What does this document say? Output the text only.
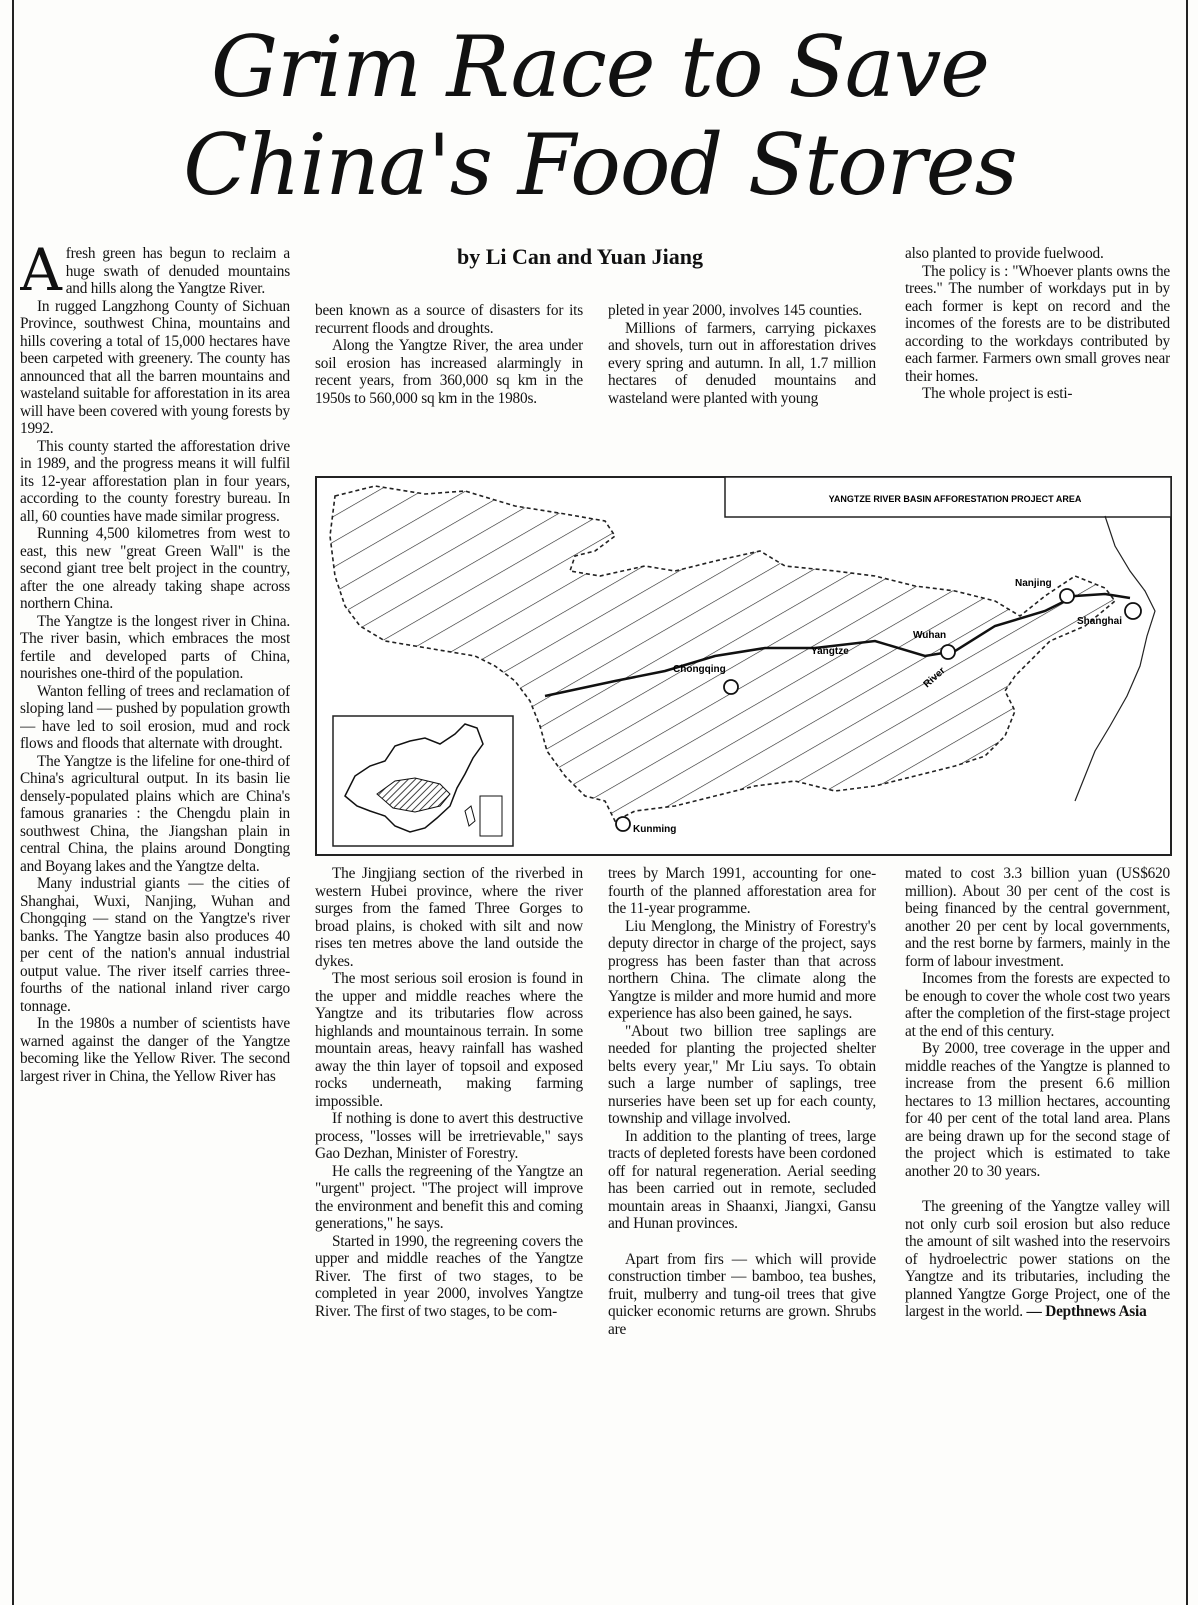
Grim Race to Save
China's Food Stores
by Li Can and Yuan Jiang

Afresh green has begun to reclaim a huge swath of denuded mountains and hills along the Yangtze River.

In rugged Langzhong County of Sichuan Province, southwest China, mountains and hills covering a total of 15,000 hectares have been carpeted with greenery. The county has announced that all the barren mountains and wasteland suitable for afforestation in its area will have been covered with young forests by 1992.

This county started the afforestation drive in 1989, and the progress means it will fulfil its 12-year afforestation plan in four years, according to the county forestry bureau. In all, 60 counties have made similar progress.

Running 4,500 kilometres from west to east, this new "great Green Wall" is the second giant tree belt project in the country, after the one already taking shape across northern China.

The Yangtze is the longest river in China. The river basin, which embraces the most fertile and developed parts of China, nourishes one-third of the population.

Wanton felling of trees and reclamation of sloping land — pushed by population growth — have led to soil erosion, mud and rock flows and floods that alternate with drought.

The Yangtze is the lifeline for one-third of China's agricultural output. In its basin lie densely-populated plains which are China's famous granaries : the Chengdu plain in southwest China, the Jiangshan plain in central China, the plains around Dongting and Boyang lakes and the Yangtze delta.

Many industrial giants — the cities of Shanghai, Wuxi, Nanjing, Wuhan and Chongqing — stand on the Yangtze's river banks. The Yangtze basin also produces 40 per cent of the nation's annual industrial output value. The river itself carries three-fourths of the national inland river cargo tonnage.

In the 1980s a number of scientists have warned against the danger of the Yangtze becoming like the Yellow River. The second largest river in China, the Yellow River has

been known as a source of disasters for its recurrent floods and droughts.

Along the Yangtze River, the area under soil erosion has increased alarmingly in recent years, from 360,000 sq km in the 1950s to 560,000 sq km in the 1980s.

pleted in year 2000, involves 145 counties.

Millions of farmers, carrying pickaxes and shovels, turn out in afforestation drives every spring and autumn. In all, 1.7 million hectares of denuded mountains and wasteland were planted with young

also planted to provide fuelwood.

The policy is : "Whoever plants owns the trees." The number of workdays put in by each former is kept on record and the incomes of the forests are to be distributed according to the workdays contributed by each farmer. Farmers own small groves near their homes.

The whole project is esti-

YANGTZE RIVER BASIN AFFORESTATION PROJECT AREA
Nanjing
Shanghai
Wuhan
Yangtze
River
Chongqing
Kunming

The Jingjiang section of the riverbed in western Hubei province, where the river surges from the famed Three Gorges to broad plains, is choked with silt and now rises ten metres above the land outside the dykes.

The most serious soil erosion is found in the upper and middle reaches where the Yangtze and its tributaries flow across highlands and mountainous terrain. In some mountain areas, heavy rainfall has washed away the thin layer of topsoil and exposed rocks underneath, making farming impossible.

If nothing is done to avert this destructive process, "losses will be irretrievable," says Gao Dezhan, Minister of Forestry.

He calls the regreening of the Yangtze an "urgent" project. "The project will improve the environment and benefit this and coming generations," he says.

Started in 1990, the regreening covers the upper and middle reaches of the Yangtze River. The first of two stages, to be completed in year 2000, involves Yangtze River. The first of two stages, to be com-

trees by March 1991, accounting for one-fourth of the planned afforestation area for the 11-year programme.

Liu Menglong, the Ministry of Forestry's deputy director in charge of the project, says progress has been faster than that across northern China. The climate along the Yangtze is milder and more humid and more experience has also been gained, he says.

"About two billion tree saplings are needed for planting the projected shelter belts every year," Mr Liu says. To obtain such a large number of saplings, tree nurseries have been set up for each county, township and village involved.

In addition to the planting of trees, large tracts of depleted forests have been cordoned off for natural regeneration. Aerial seeding has been carried out in remote, secluded mountain areas in Shaanxi, Jiangxi, Gansu and Hunan provinces.

Apart from firs — which will provide construction timber — bamboo, tea bushes, fruit, mulberry and tung-oil trees that give quicker economic returns are grown. Shrubs are

mated to cost 3.3 billion yuan (US$620 million). About 30 per cent of the cost is being financed by the central government, another 20 per cent by local governments, and the rest borne by farmers, mainly in the form of labour investment.

Incomes from the forests are expected to be enough to cover the whole cost two years after the completion of the first-stage project at the end of this century.

By 2000, tree coverage in the upper and middle reaches of the Yangtze is planned to increase from the present 6.6 million hectares to 13 million hectares, accounting for 40 per cent of the total land area. Plans are being drawn up for the second stage of the project which is estimated to take another 20 to 30 years.

The greening of the Yangtze valley will not only curb soil erosion but also reduce the amount of silt washed into the reservoirs of hydroelectric power stations on the Yangtze and its tributaries, including the planned Yangtze Gorge Project, one of the largest in the world. — Depthnews Asia
